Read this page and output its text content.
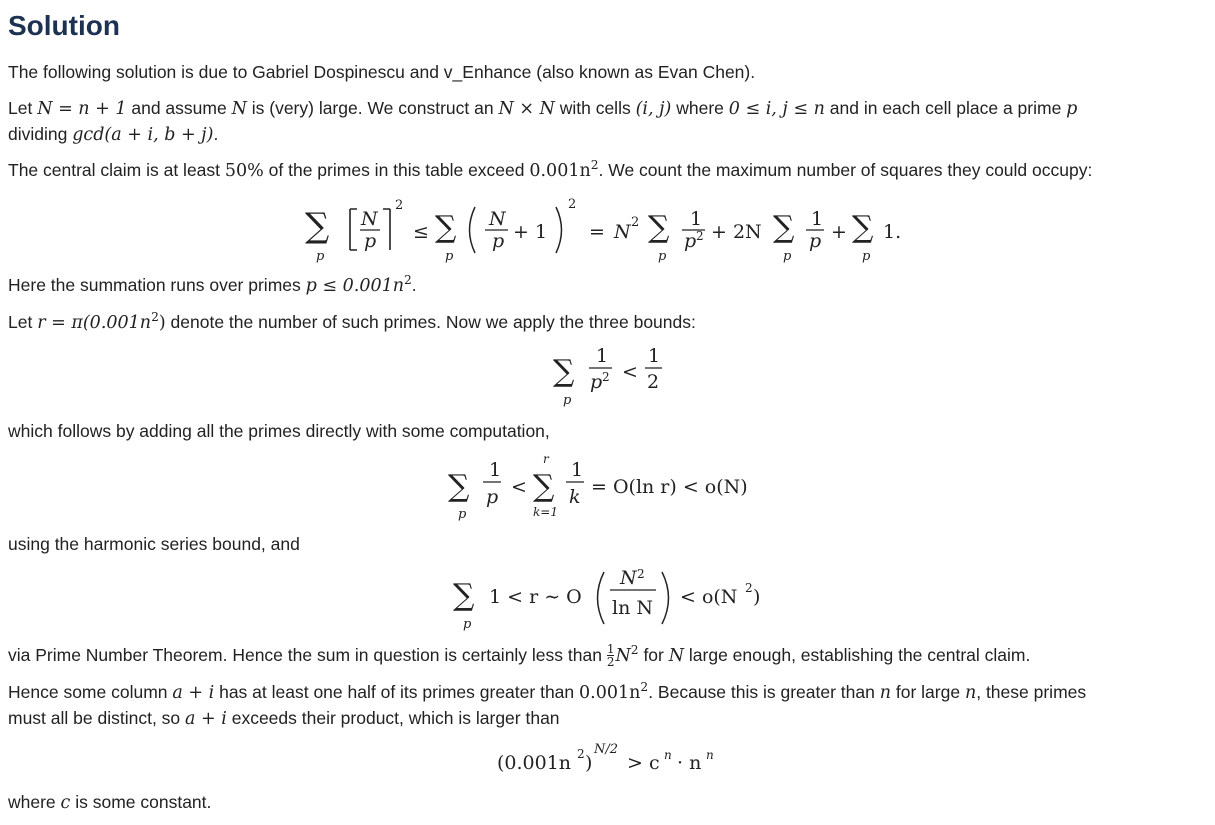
Solution
The following solution is due to Gabriel Dospinescu and v_Enhance (also known as Evan Chen).
Let N = n + 1 and assume N is (very) large. We construct an N × N with cells (i, j) where 0 ≤ i, j ≤ n and in each cell place a prime p
dividing gcd(a + i, b + j).
The central claim is at least 50% of the primes in this table exceed $0.001n^2$. We count the maximum number of squares they could occupy:
∑
p
N
p
2
≤ ∑
p
N
p + 1
2
= N 2 ∑
p
1
p 2 + 2N ∑
p
1
p + ∑
p
1.
Here the summation runs over primes $p \le 0.001n^2$.
Let $r = \pi(0.001n^2)$ denote the number of such primes. Now we apply the three bounds:
∑
p
1
p 2 <
1
2
which follows by adding all the primes directly with some computation,
∑
p
1
p <
r
∑
k=1
1
k = O(ln r) < o(N)
using the harmonic series bound, and
∑
p
1 < r ∼ O
N 2
ln N < o(N 2 )
via Prime Number Theorem. Hence the sum in question is certainly less than $\frac{1}{2} N^2$ for N large enough, establishing the central claim.
Hence some column a + i has at least one half of its primes greater than $0.001n^2$. Because this is greater than n for large n, these primes
must all be distinct, so a + i exceeds their product, which is larger than
(0.001n 2 )
N/2
> c n · n n
where c is some constant.
